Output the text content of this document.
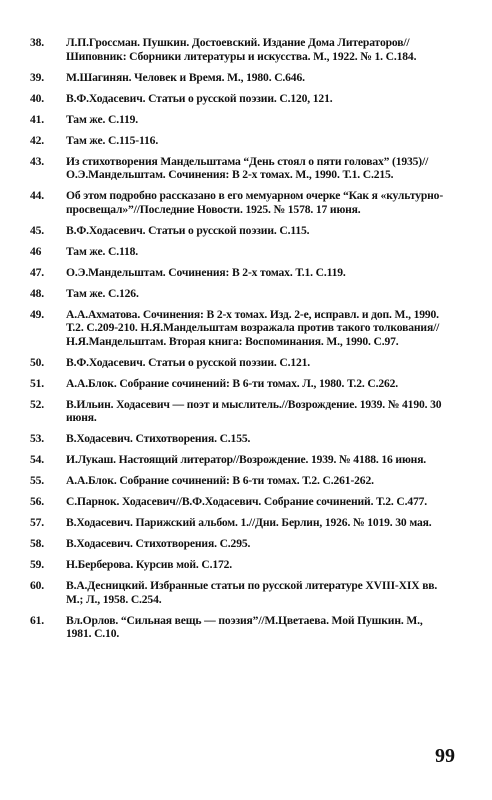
38.	Л.П.Гроссман. Пушкин. Достоевский. Издание Дома Литераторов// Шиповник: Сборники литературы и искусства. М., 1922. № 1. С.184.
39.	М.Шагинян. Человек и Время. М., 1980. С.646.
40.	В.Ф.Ходасевич. Статьи о русской поэзии. С.120, 121.
41.	Там же. С.119.
42.	Там же. С.115-116.
43.	Из стихотворения Мандельштама “День стоял о пяти головах” (1935)//О.Э.Мандельштам. Сочинения: В 2-х томах. М., 1990. Т.1. С.215.
44.	Об этом подробно рассказано в его мемуарном очерке “Как я «культурно-просвещал»”//Последние Новости. 1925. № 1578. 17 июня.
45.	В.Ф.Ходасевич. Статьи о русской поэзии. С.115.
46	Там же. С.118.
47.	О.Э.Мандельштам. Сочинения: В 2-х томах. Т.1. С.119.
48.	Там же. С.126.
49.	А.А.Ахматова. Сочинения: В 2-х томах. Изд. 2-е, исправл. и доп. М., 1990. Т.2. С.209-210. Н.Я.Мандельштам возражала против такого толкования//Н.Я.Мандельштам. Вторая книга: Воспоминания. М., 1990. С.97.
50.	В.Ф.Ходасевич. Статьи о русской поэзии. С.121.
51.	А.А.Блок. Собрание сочинений: В 6-ти томах. Л., 1980. Т.2. С.262.
52.	В.Ильин. Ходасевич — поэт и мыслитель.//Возрождение. 1939. № 4190. 30 июня.
53.	В.Ходасевич. Стихотворения. С.155.
54.	И.Лукаш. Настоящий литератор//Возрождение. 1939. № 4188. 16 июня.
55.	А.А.Блок. Собрание сочинений: В 6-ти томах. Т.2. С.261-262.
56.	С.Парнок. Ходасевич//В.Ф.Ходасевич. Собрание сочинений. Т.2. С.477.
57.	В.Ходасевич. Парижский альбом. 1.//Дни. Берлин, 1926. № 1019. 30 мая.
58.	В.Ходасевич. Стихотворения. С.295.
59.	Н.Берберова. Курсив мой. С.172.
60.	В.А.Десницкий. Избранные статьи по русской литературе XVIII-XIX вв. М.; Л., 1958. С.254.
61.	Вл.Орлов. “Сильная вещь — поэзия”//М.Цветаева. Мой Пушкин. М., 1981. С.10.
99
